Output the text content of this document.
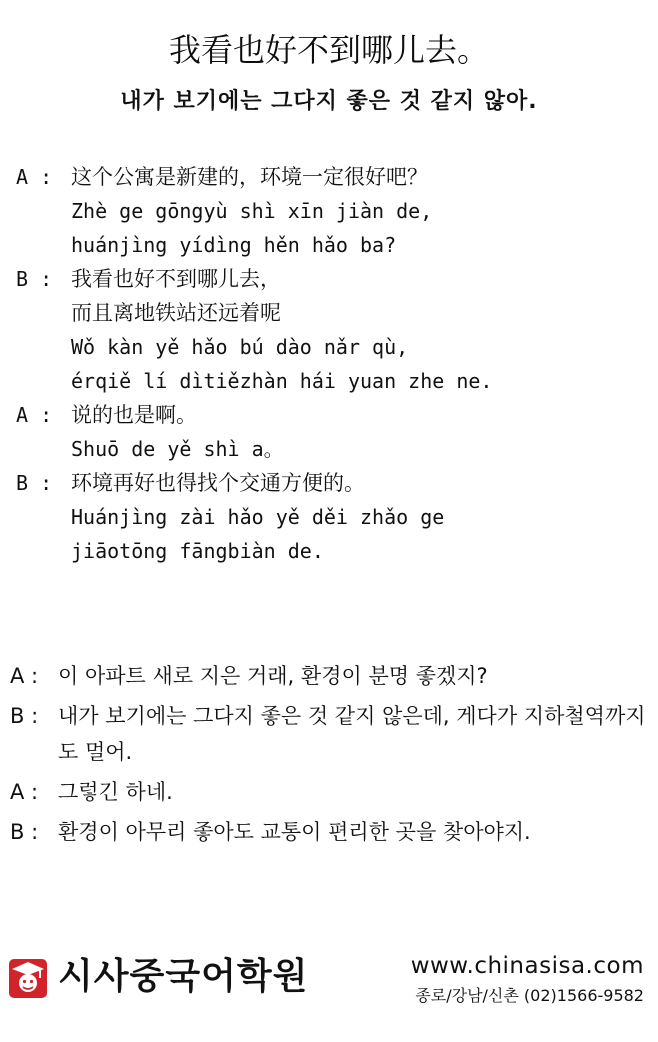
我看也好不到哪儿去。
내가 보기에는 그다지 좋은 것 같지 않아.
A : 这个公寓是新建的，环境一定很好吧？
Zhè ge gōngyù shì xīn jiàn de,
huánjìng yídìng hěn hǎo ba?
B : 我看也好不到哪儿去，
而且离地铁站还远着呢
Wǒ kàn yě hǎo bú dào nǎr qù,
érqiě lí dìtiězhàn hái yuan zhe ne.
A : 说的也是啊。
Shuō de yě shì a。
B : 环境再好也得找个交通方便的。
Huánjìng zài hǎo yě děi zhǎo ge
jiāotōng fāngbiàn de.
A : 이 아파트 새로 지은 거래, 환경이 분명 좋겠지?
B : 내가 보기에는 그다지 좋은 것 같지 않은데, 게다가 지하철역까지도 멀어.
A : 그렇긴 하네.
B : 환경이 아무리 좋아도 교통이 편리한 곳을 찾아야지.
시사중국어학원	www.chinasisa.com
종로/강남/신촌 (02)1566-9582
